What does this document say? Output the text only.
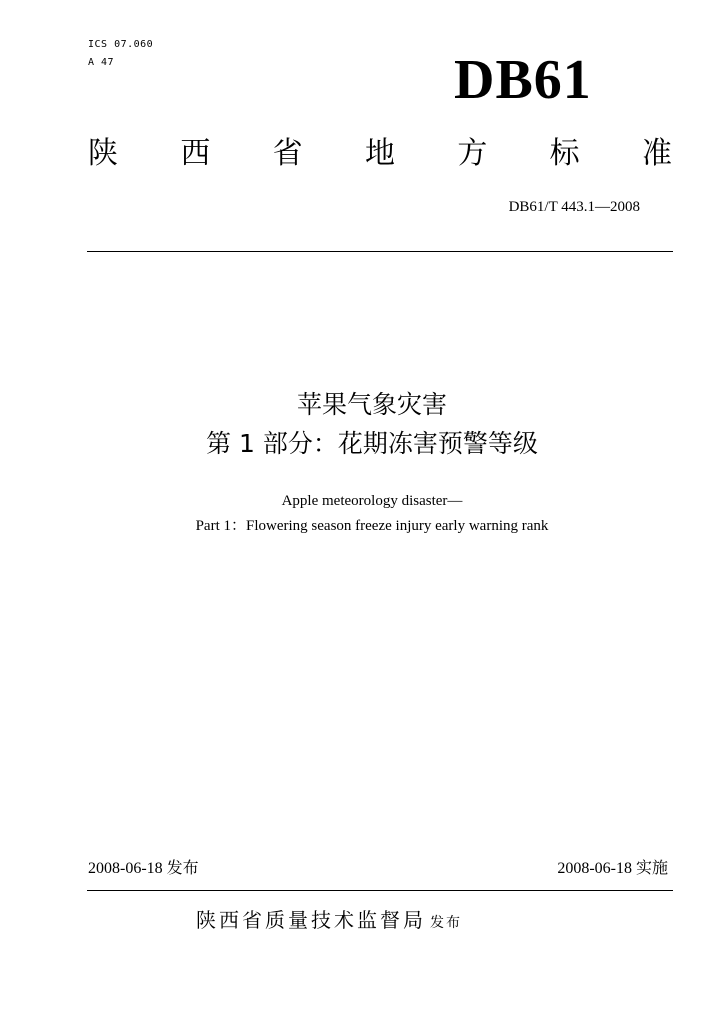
ICS 07.060
A 47	DB61
陕 西 省 地 方 标 准
DB61/T 443.1—2008
苹果气象灾害
第 1 部分：花期冻害预警等级
Apple meteorology disaster—
Part 1：Flowering season freeze injury early warning rank
2008-06-18 发布	2008-06-18 实施
陕西省质量技术监督局 发布
